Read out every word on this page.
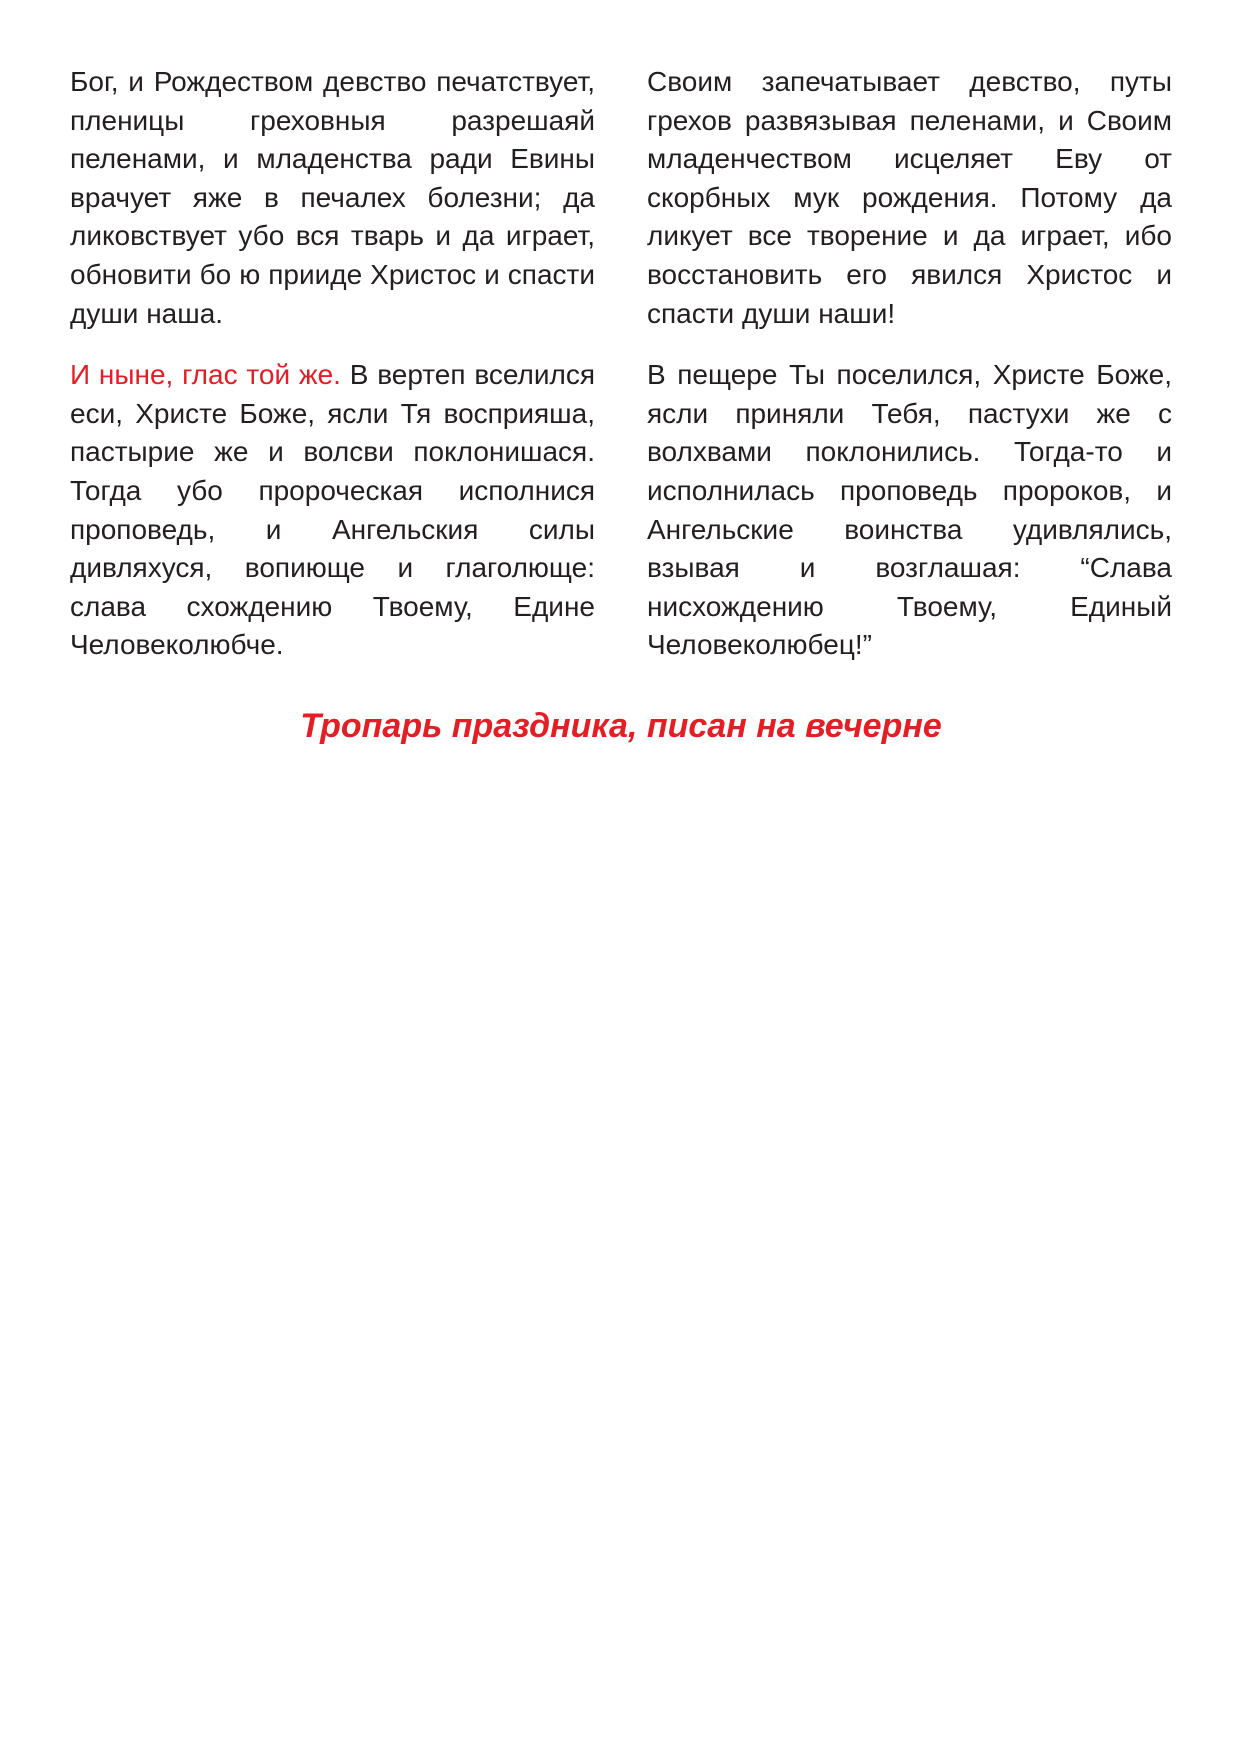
Бог, и Рождеством девство печатствует, пленицы греховныя разрешаяй пеленами, и младенства ради Евины врачует яже в печалех болезни; да ликовствует убо вся тварь и да играет, обновити бо ю прииде Христос и спасти души наша.

Своим запечатывает девство, путы грехов развязывая пеленами, и Своим младенчеством исцеляет Еву от скорбных мук рождения. Потому да ликует все творение и да играет, ибо восстановить его явился Христос и спасти души наши!

И ныне, глас той же. В вертеп вселился еси, Христе Боже, ясли Тя восприяша, пастырие же и волсви поклонишася. Тогда убо пророческая исполнися проповедь, и Ангельския силы дивляхуся, вопиюще и глаголюще: слава схождению Твоему, Едине Человеколюбче.

В пещере Ты поселился, Христе Боже, ясли приняли Тебя, пастухи же с волхвами поклонились. Тогда-то и исполнилась проповедь пророков, и Ангельские воинства удивлялись, взывая и возглашая: “Слава нисхождению Твоему, Единый Человеколюбец!”

Тропарь праздника, писан на вечерне
